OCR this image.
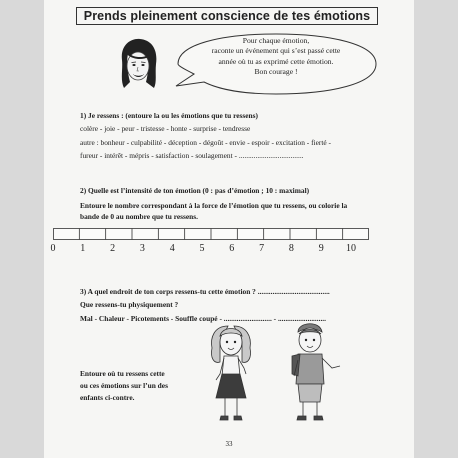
Prends pleinement conscience de tes émotions
Pour chaque émotion,
raconte un événement qui s’est passé cette
année où tu as exprimé cette émotion.
Bon courage !
1) Je ressens : (entoure la ou les émotions que tu ressens)
colère - joie - peur - tristesse - honte - surprise - tendresse
autre : bonheur - culpabilité - déception - dégoût - envie - espoir - excitation - fierté -
fureur - intérêt - mépris - satisfaction - soulagement - ...................................
2) Quelle est l’intensité de ton émotion (0 : pas d’émotion ; 10 : maximal)
Entoure le nombre correspondant à la force de l’émotion que tu ressens, ou colorie la
bande de 0 au nombre que tu ressens.
0 1 2 3 4 5 6 7 8 9 10
3) A quel endroit de ton corps ressens-tu cette émotion ? .......................................
Que ressens-tu physiquement ?
Mal - Chaleur - Picotements - Souffle coupé - .......................... - ..........................
Entoure où tu ressens cette
ou ces émotions sur l’un des
enfants ci-contre.
33
